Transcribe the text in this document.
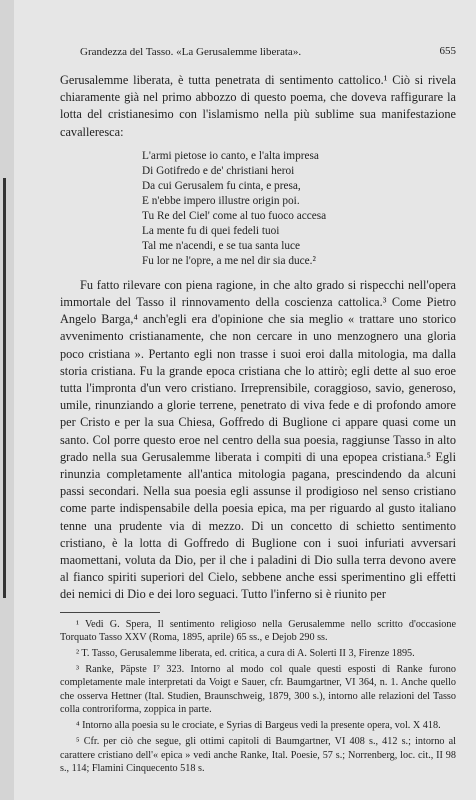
Grandezza del Tasso. «La Gerusalemme liberata».	655

Gerusalemme liberata, è tutta penetrata di sentimento cattolico.¹ Ciò si rivela chiaramente già nel primo abbozzo di questo poema, che doveva raffigurare la lotta del cristianesimo con l'islamismo nella più sublime sua manifestazione cavalleresca:

L'armi pietose io canto, e l'alta impresa
Di Gotifredo e de' christiani heroi
Da cui Gerusalem fu cinta, e presa,
E n'ebbe impero illustre origin poi.
Tu Re del Ciel' come al tuo fuoco accesa
La mente fu di quei fedeli tuoi
Tal me n'acendi, e se tua santa luce
Fu lor ne l'opre, a me nel dir sia duce.²

Fu fatto rilevare con piena ragione, in che alto grado si rispecchi nell'opera immortale del Tasso il rinnovamento della coscienza cattolica.³ Come Pietro Angelo Barga,⁴ anch'egli era d'opinione che sia meglio « trattare uno storico avvenimento cristianamente, che non cercare in uno menzognero una gloria poco cristiana ». Pertanto egli non trasse i suoi eroi dalla mitologia, ma dalla storia cristiana. Fu la grande epoca cristiana che lo attirò; egli dette al suo eroe tutta l'impronta d'un vero cristiano. Irreprensibile, coraggioso, savio, generoso, umile, rinunziando a glorie terrene, penetrato di viva fede e di profondo amore per Cristo e per la sua Chiesa, Goffredo di Buglione ci appare quasi come un santo. Col porre questo eroe nel centro della sua poesia, raggiunse Tasso in alto grado nella sua Gerusalemme liberata i compiti di una epopea cristiana.⁵ Egli rinunzia completamente all'antica mitologia pagana, prescindendo da alcuni passi secondari. Nella sua poesia egli assunse il prodigioso nel senso cristiano come parte indispensabile della poesia epica, ma per riguardo al gusto italiano tenne una prudente via di mezzo. Di un concetto di schietto sentimento cristiano, è la lotta di Goffredo di Buglione con i suoi infuriati avversari maomettani, voluta da Dio, per il che i paladini di Dio sulla terra devono avere al fianco spiriti superiori del Cielo, sebbene anche essi sperimentino gli effetti dei nemici di Dio e dei loro seguaci. Tutto l'inferno si è riunito per

¹ Vedi G. Spera, Il sentimento religioso nella Gerusalemme nello scritto d'occasione Torquato Tasso XXV (Roma, 1895, aprile) 65 ss., e Dejob 290 ss.

² T. Tasso, Gerusalemme liberata, ed. critica, a cura di A. Solerti II 3, Firenze 1895.

³ Ranke, Päpste I⁷ 323. Intorno al modo col quale questi esposti di Ranke furono completamente male interpretati da Voigt e Sauer, cfr. Baumgartner, VI 364, n. 1. Anche quello che osserva Hettner (Ital. Studien, Braunschweig, 1879, 300 s.), intorno alle relazioni del Tasso colla controriforma, zoppica in parte.

⁴ Intorno alla poesia su le crociate, e Syrias di Bargeus vedi la presente opera, vol. X 418.

⁵ Cfr. per ciò che segue, gli ottimi capitoli di Baumgartner, VI 408 s., 412 s.; intorno al carattere cristiano dell'« epica » vedi anche Ranke, Ital. Poesie, 57 s.; Norrenberg, loc. cit., II 98 s., 114; Flamini Cinquecento 518 s.
